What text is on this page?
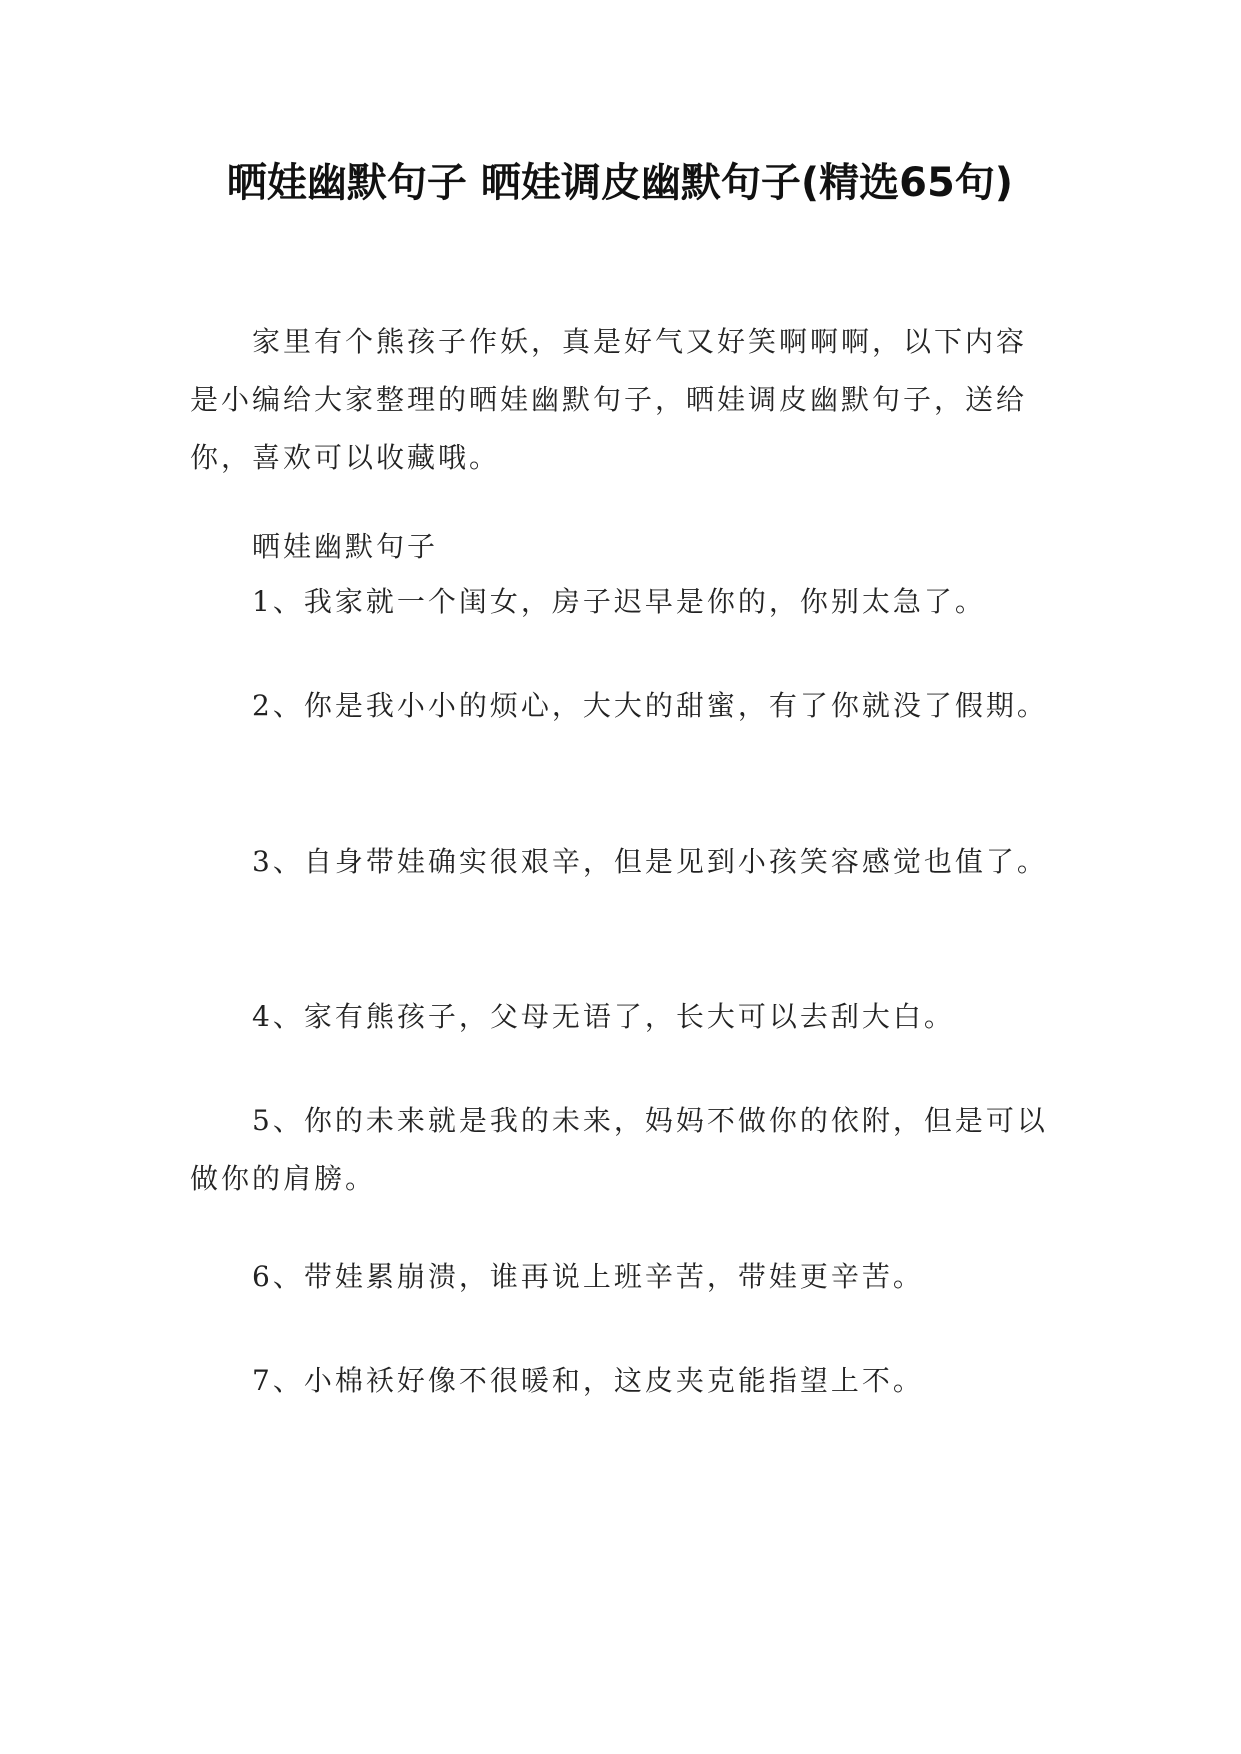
晒娃幽默句子 晒娃调皮幽默句子(精选65句)

家里有个熊孩子作妖，真是好气又好笑啊啊啊，以下内容是小编给大家整理的晒娃幽默句子，晒娃调皮幽默句子，送给你，喜欢可以收藏哦。

晒娃幽默句子

1、我家就一个闺女，房子迟早是你的，你别太急了。

2、你是我小小的烦心，大大的甜蜜，有了你就没了假期。

3、自身带娃确实很艰辛，但是见到小孩笑容感觉也值了。

4、家有熊孩子，父母无语了，长大可以去刮大白。

5、你的未来就是我的未来，妈妈不做你的依附，但是可以做你的肩膀。

6、带娃累崩溃，谁再说上班辛苦，带娃更辛苦。

7、小棉袄好像不很暖和，这皮夹克能指望上不。
